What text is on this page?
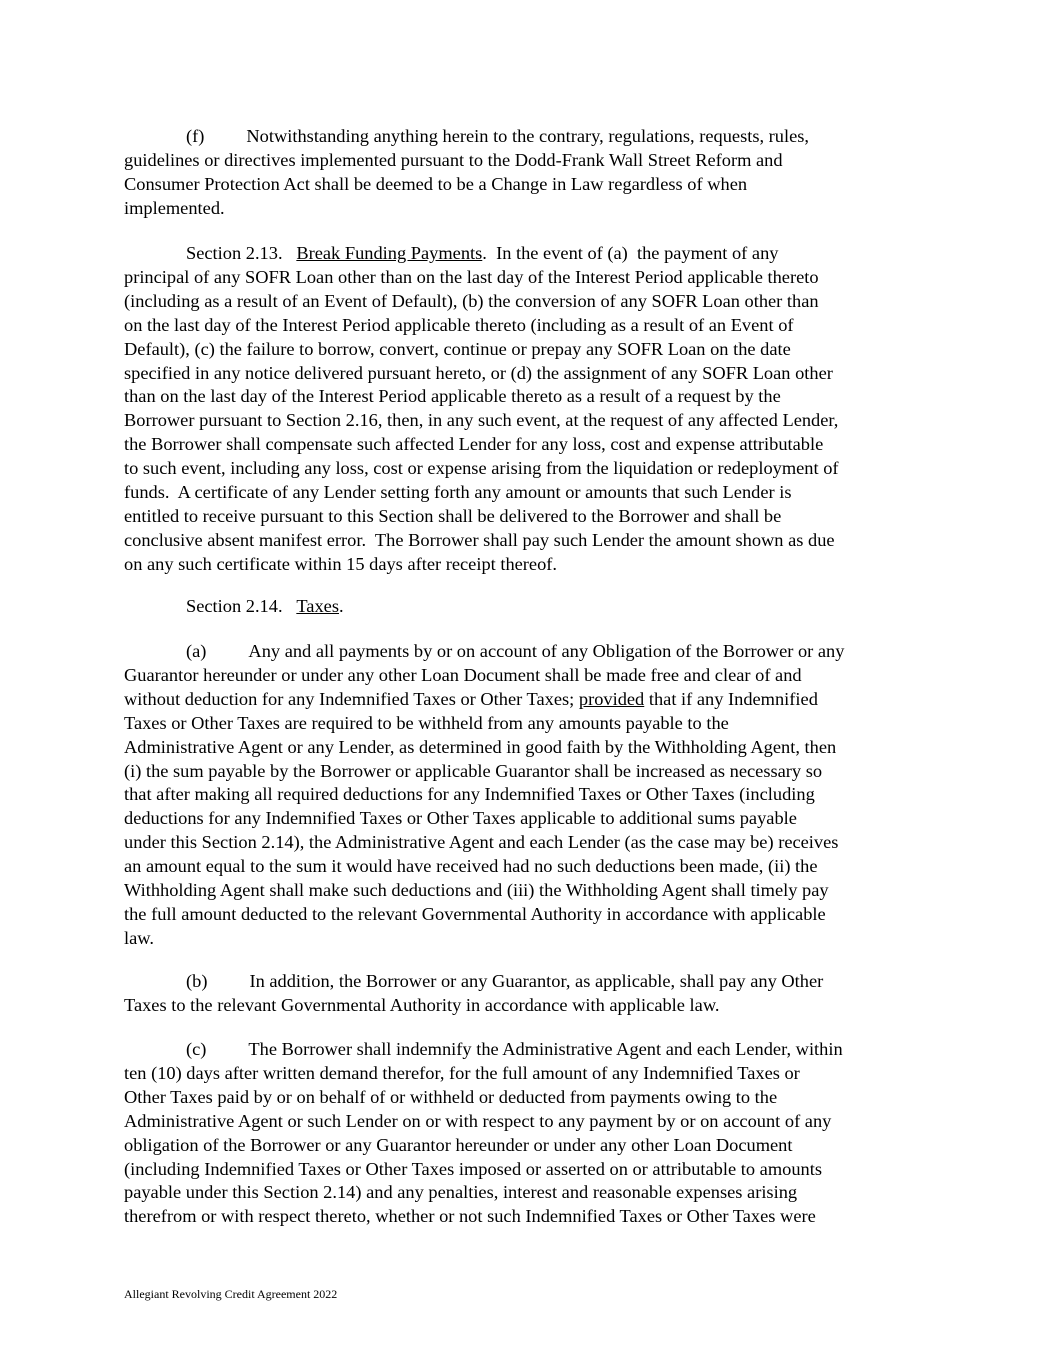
(f) Notwithstanding anything herein to the contrary, regulations, requests, rules,
guidelines or directives implemented pursuant to the Dodd-Frank Wall Street Reform and
Consumer Protection Act shall be deemed to be a Change in Law regardless of when
implemented.
Section 2.13. Break Funding Payments.  In the event of (a)  the payment of any
principal of any SOFR Loan other than on the last day of the Interest Period applicable thereto
(including as a result of an Event of Default), (b) the conversion of any SOFR Loan other than
on the last day of the Interest Period applicable thereto (including as a result of an Event of
Default), (c) the failure to borrow, convert, continue or prepay any SOFR Loan on the date
specified in any notice delivered pursuant hereto, or (d) the assignment of any SOFR Loan other
than on the last day of the Interest Period applicable thereto as a result of a request by the
Borrower pursuant to Section 2.16, then, in any such event, at the request of any affected Lender,
the Borrower shall compensate such affected Lender for any loss, cost and expense attributable
to such event, including any loss, cost or expense arising from the liquidation or redeployment of
funds.  A certificate of any Lender setting forth any amount or amounts that such Lender is
entitled to receive pursuant to this Section shall be delivered to the Borrower and shall be
conclusive absent manifest error.  The Borrower shall pay such Lender the amount shown as due
on any such certificate within 15 days after receipt thereof.
Section 2.14. Taxes.
(a) Any and all payments by or on account of any Obligation of the Borrower or any
Guarantor hereunder or under any other Loan Document shall be made free and clear of and
without deduction for any Indemnified Taxes or Other Taxes; provided that if any Indemnified
Taxes or Other Taxes are required to be withheld from any amounts payable to the
Administrative Agent or any Lender, as determined in good faith by the Withholding Agent, then
(i) the sum payable by the Borrower or applicable Guarantor shall be increased as necessary so
that after making all required deductions for any Indemnified Taxes or Other Taxes (including
deductions for any Indemnified Taxes or Other Taxes applicable to additional sums payable
under this Section 2.14), the Administrative Agent and each Lender (as the case may be) receives
an amount equal to the sum it would have received had no such deductions been made, (ii) the
Withholding Agent shall make such deductions and (iii) the Withholding Agent shall timely pay
the full amount deducted to the relevant Governmental Authority in accordance with applicable
law.
(b) In addition, the Borrower or any Guarantor, as applicable, shall pay any Other
Taxes to the relevant Governmental Authority in accordance with applicable law.
(c) The Borrower shall indemnify the Administrative Agent and each Lender, within
ten (10) days after written demand therefor, for the full amount of any Indemnified Taxes or
Other Taxes paid by or on behalf of or withheld or deducted from payments owing to the
Administrative Agent or such Lender on or with respect to any payment by or on account of any
obligation of the Borrower or any Guarantor hereunder or under any other Loan Document
(including Indemnified Taxes or Other Taxes imposed or asserted on or attributable to amounts
payable under this Section 2.14) and any penalties, interest and reasonable expenses arising
therefrom or with respect thereto, whether or not such Indemnified Taxes or Other Taxes were
Allegiant Revolving Credit Agreement 2022
